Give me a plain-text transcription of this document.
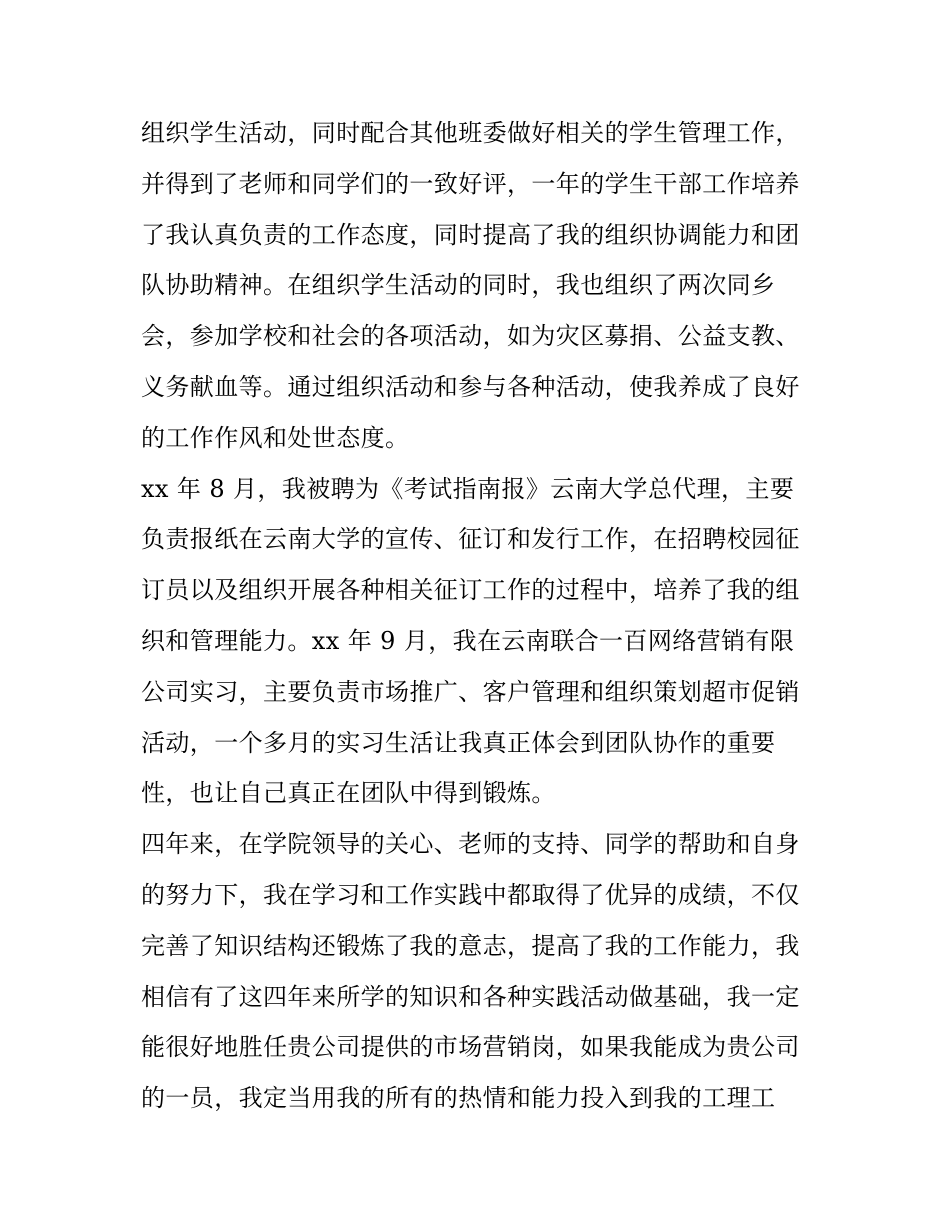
组织学生活动，同时配合其他班委做好相关的学生管理工作，
并得到了老师和同学们的一致好评，一年的学生干部工作培养
了我认真负责的工作态度，同时提高了我的组织协调能力和团
队协助精神。在组织学生活动的同时，我也组织了两次同乡
会，参加学校和社会的各项活动，如为灾区募捐、公益支教、
义务献血等。通过组织活动和参与各种活动，使我养成了良好
的工作作风和处世态度。
xx 年 8 月，我被聘为《考试指南报》云南大学总代理，主要
负责报纸在云南大学的宣传、征订和发行工作，在招聘校园征
订员以及组织开展各种相关征订工作的过程中，培养了我的组
织和管理能力。xx 年 9 月，我在云南联合一百网络营销有限
公司实习，主要负责市场推广、客户管理和组织策划超市促销
活动，一个多月的实习生活让我真正体会到团队协作的重要
性，也让自己真正在团队中得到锻炼。
四年来，在学院领导的关心、老师的支持、同学的帮助和自身
的努力下，我在学习和工作实践中都取得了优异的成绩，不仅
完善了知识结构还锻炼了我的意志，提高了我的工作能力，我
相信有了这四年来所学的知识和各种实践活动做基础，我一定
能很好地胜任贵公司提供的市场营销岗，如果我能成为贵公司
的一员，我定当用我的所有的热情和能力投入到我的工理工
